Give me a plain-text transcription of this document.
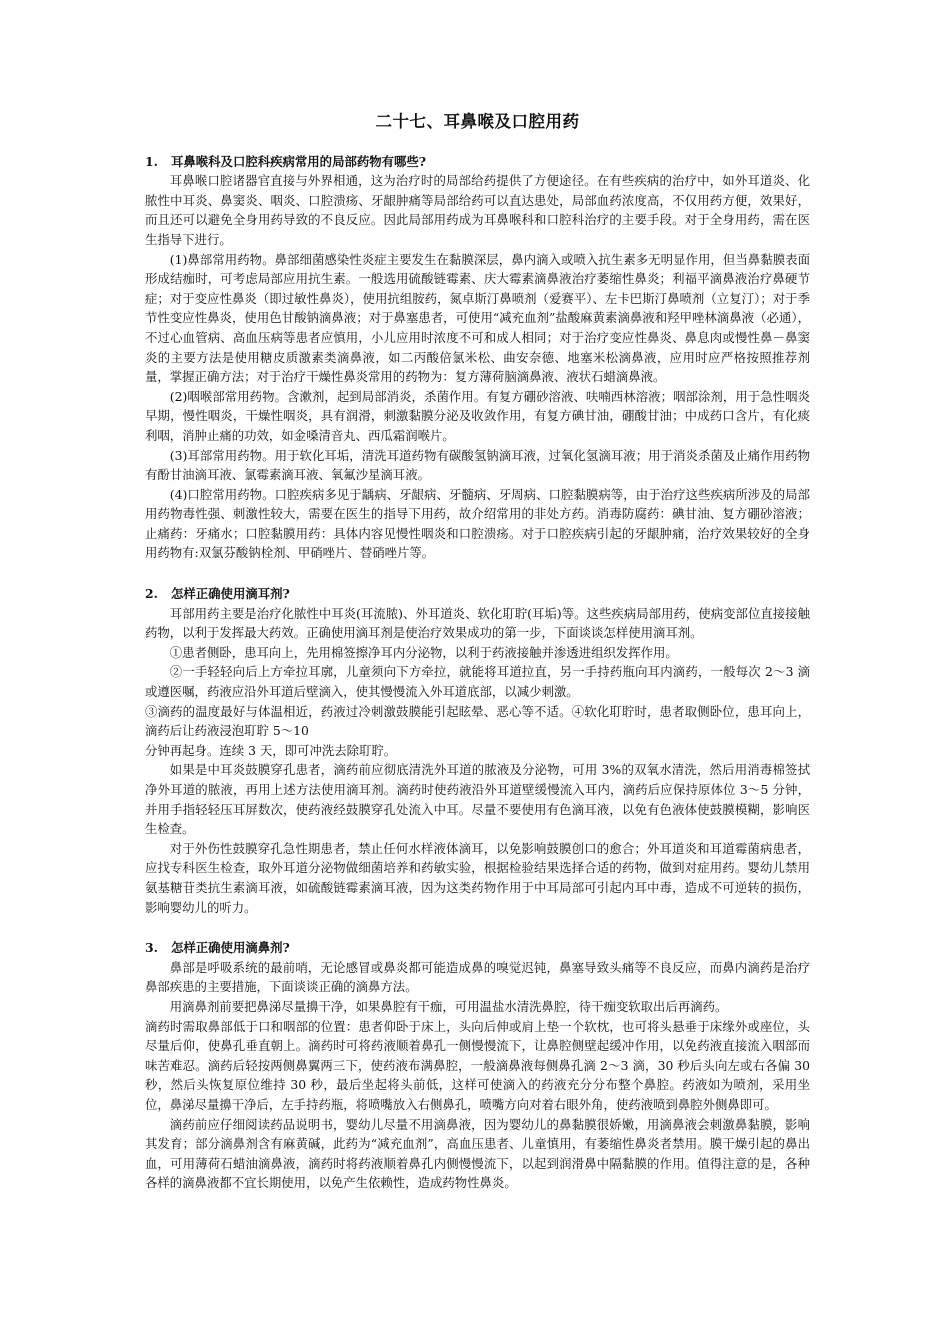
二十七、耳鼻喉及口腔用药
1. 耳鼻喉科及口腔科疾病常用的局部药物有哪些?

耳鼻喉口腔诸器官直接与外界相通，这为治疗时的局部给药提供了方便途径。在有些疾病的治疗中，如外耳道炎、化脓性中耳炎、鼻窦炎、咽炎、口腔溃疡、牙龈肿痛等局部给药可以直达患处，局部血药浓度高，不仅用药方便，效果好，而且还可以避免全身用药导致的不良反应。因此局部用药成为耳鼻喉科和口腔科治疗的主要手段。对于全身用药，需在医生指导下进行。

(1)鼻部常用药物。鼻部细菌感染性炎症主要发生在黏膜深层，鼻内滴入或喷入抗生素多无明显作用，但当鼻黏膜表面形成结痂时，可考虑局部应用抗生素。一般选用硫酸链霉素、庆大霉素滴鼻液治疗萎缩性鼻炎；利福平滴鼻液治疗鼻硬节症；对于变应性鼻炎（即过敏性鼻炎），使用抗组胺药，氮卓斯汀鼻喷剂（爱赛平）、左卡巴斯汀鼻喷剂（立复汀）；对于季节性变应性鼻炎，使用色甘酸钠滴鼻液；对于鼻塞患者，可使用“减充血剂”盐酸麻黄素滴鼻液和羟甲唑林滴鼻液（必通），不过心血管病、高血压病等患者应慎用，小儿应用时浓度不可和成人相同；对于治疗变应性鼻炎、鼻息肉或慢性鼻－鼻窦炎的主要方法是使用糖皮质激素类滴鼻液，如二丙酸倍氯米松、曲安奈德、地塞米松滴鼻液，应用时应严格按照推荐剂量，掌握正确方法；对于治疗干燥性鼻炎常用的药物为：复方薄荷脑滴鼻液、液状石蜡滴鼻液。

(2)咽喉部常用药物。含漱剂，起到局部消炎，杀菌作用。有复方硼砂溶液、呋喃西林溶液；咽部涂剂，用于急性咽炎早期，慢性咽炎，干燥性咽炎，具有润滑，刺激黏膜分泌及收敛作用，有复方碘甘油，硼酸甘油；中成药口含片，有化痰利咽，消肿止痛的功效，如金嗓清音丸、西瓜霜润喉片。

(3)耳部常用药物。用于软化耳垢，清洗耳道药物有碳酸氢钠滴耳液，过氧化氢滴耳液；用于消炎杀菌及止痛作用药物有酚甘油滴耳液、氯霉素滴耳液、氧氟沙星滴耳液。

(4)口腔常用药物。口腔疾病多见于龋病、牙龈病、牙髓病、牙周病、口腔黏膜病等，由于治疗这些疾病所涉及的局部用药物毒性强、刺激性较大，需要在医生的指导下用药，故介绍常用的非处方药。消毒防腐药：碘甘油、复方硼砂溶液；止痛药：牙痛水；口腔黏膜用药：具体内容见慢性咽炎和口腔溃疡。对于口腔疾病引起的牙龈肿痛，治疗效果较好的全身用药物有:双氯芬酸钠栓剂、甲硝唑片、替硝唑片等。

2. 怎样正确使用滴耳剂?

耳部用药主要是治疗化脓性中耳炎(耳流脓)、外耳道炎、软化耵聍(耳垢)等。这些疾病局部用药，使病变部位直接接触药物，以利于发挥最大药效。正确使用滴耳剂是使治疗效果成功的第一步，下面谈谈怎样使用滴耳剂。

①患者侧卧，患耳向上，先用棉签擦净耳内分泌物，以利于药液接触并渗透进组织发挥作用。

②一手轻轻向后上方牵拉耳廓，儿童须向下方牵拉，就能将耳道拉直，另一手持药瓶向耳内滴药，一般每次 2～3 滴或遵医嘱，药液应沿外耳道后壁滴入，使其慢慢流入外耳道底部，以减少刺激。

③滴药的温度最好与体温相近，药液过冷刺激鼓膜能引起眩晕、恶心等不适。④软化耵聍时，患者取侧卧位，患耳向上，滴药后让药液浸泡耵聍 5～10

分钟再起身。连续 3 天，即可冲洗去除耵聍。

如果是中耳炎鼓膜穿孔患者，滴药前应彻底清洗外耳道的脓液及分泌物，可用 3%的双氧水清洗，然后用消毒棉签拭净外耳道的脓液，再用上述方法使用滴耳剂。滴药时使药液沿外耳道壁缓慢流入耳内，滴药后应保持原体位 3～5 分钟，并用手指轻轻压耳屏数次，使药液经鼓膜穿孔处流入中耳。尽量不要使用有色滴耳液，以免有色液体使鼓膜模糊，影响医生检查。

对于外伤性鼓膜穿孔急性期患者，禁止任何水样液体滴耳，以免影响鼓膜创口的愈合；外耳道炎和耳道霉菌病患者，应找专科医生检查，取外耳道分泌物做细菌培养和药敏实验，根据检验结果选择合适的药物，做到对症用药。婴幼儿禁用氨基糖苷类抗生素滴耳液，如硫酸链霉素滴耳液，因为这类药物作用于中耳局部可引起内耳中毒，造成不可逆转的损伤，影响婴幼儿的听力。

3. 怎样正确使用滴鼻剂?

鼻部是呼吸系统的最前哨，无论感冒或鼻炎都可能造成鼻的嗅觉迟钝，鼻塞导致头痛等不良反应，而鼻内滴药是治疗鼻部疾患的主要措施，下面谈谈正确的滴鼻方法。

用滴鼻剂前要把鼻涕尽量擤干净，如果鼻腔有干痂，可用温盐水清洗鼻腔，待干痂变软取出后再滴药。

滴药时需取鼻部低于口和咽部的位置：患者仰卧于床上，头向后伸或肩上垫一个软枕，也可将头悬垂于床缘外或座位，头尽量后仰，使鼻孔垂直朝上。滴药时可将药液顺着鼻孔一侧慢慢流下，让鼻腔侧壁起缓冲作用，以免药液直接流入咽部而味苦难忍。滴药后轻按两侧鼻翼两三下，使药液布满鼻腔，一般滴鼻液每侧鼻孔滴 2～3 滴，30 秒后头向左或右各偏 30 秒，然后头恢复原位维持 30 秒，最后坐起将头前低，这样可使滴入的药液充分分布整个鼻腔。药液如为喷剂，采用坐位，鼻涕尽量擤干净后，左手持药瓶，将喷嘴放入右侧鼻孔，喷嘴方向对着右眼外角，使药液喷到鼻腔外侧鼻即可。

滴药前应仔细阅读药品说明书，婴幼儿尽量不用滴鼻液，因为婴幼儿的鼻黏膜很娇嫩，用滴鼻液会刺激鼻黏膜，影响其发育；部分滴鼻剂含有麻黄碱，此药为“减充血剂”，高血压患者、儿童慎用，有萎缩性鼻炎者禁用。膜干燥引起的鼻出血，可用薄荷石蜡油滴鼻液，滴药时将药液顺着鼻孔内侧慢慢流下，以起到润滑鼻中隔黏膜的作用。值得注意的是，各种各样的滴鼻液都不宜长期使用，以免产生依赖性，造成药物性鼻炎。
